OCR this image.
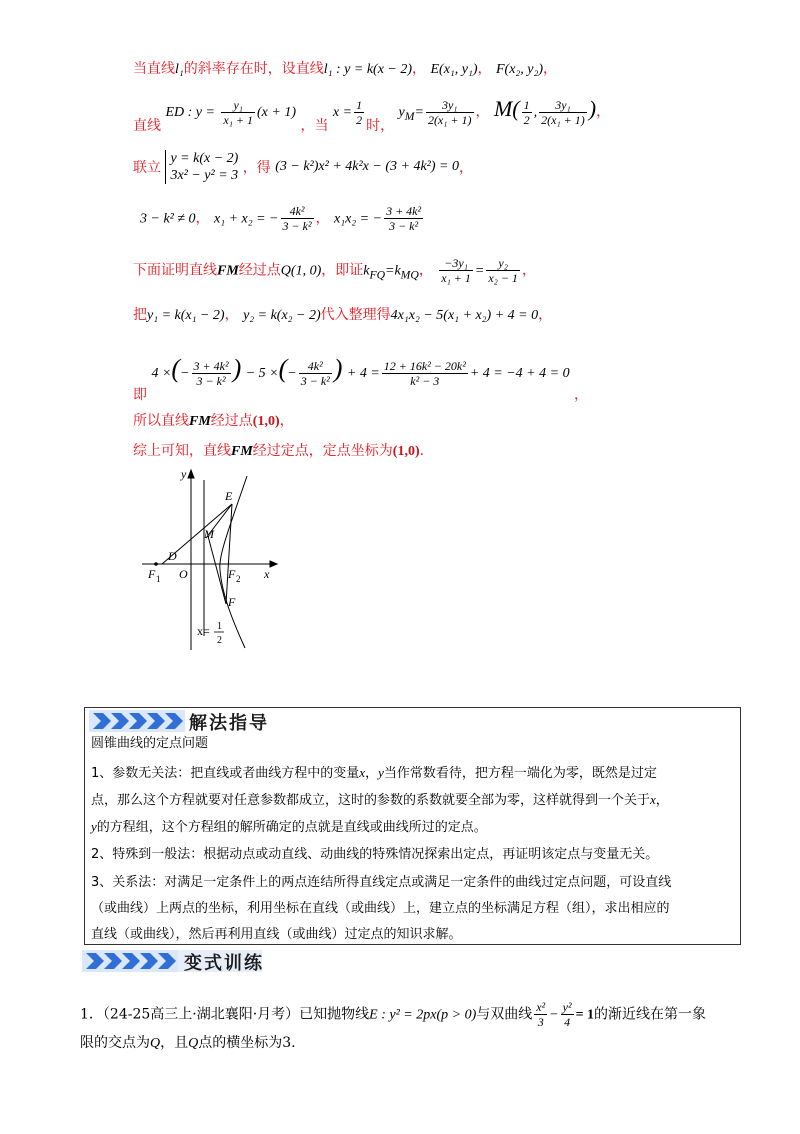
当直线l₁的斜率存在时，设直线l₁ : y = k(x − 2)， E(x₁, y₁)， F(x₂, y₂)，
直线 ED : $y = \frac{\text{y₁}}{\text{x₁ + 1}} (x + 1)$ ，当 $x = \frac{1}{2}$ 时， $y_M= \frac{\text{3y₁}}{\text{2(x₁ + 1)}}$ ， $M( \frac{1}{2}$ , $\frac{\text{3y₁}}{\text{2(x₁ + 1)}}$ )，
联立
y = k(x − 2)
3x² − y² = 3 ，得 (3 − k²)x² + 4k²x − (3 + 4k²) = 0，
3 − k² ≠ 0， x₁ + x₂ = − $\frac{\text{4k²}}{\text{3 − k²}}$ ， x₁x₂ = − $\frac{\text{3 + 4k²}}{\text{3 − k²}}$
下面证明直线FM经过点Q(1, 0)，即证$k_{FQ}=k_{MQ}$， $\frac{\text{−3y₁}}{\text{x₁ + 1}} = \frac{\text{y₂}}{\text{x₂ − 1}}$ ，
把y₁ = k(x₁ − 2)， y₂ = k(x₂ − 2)代入整理得4x₁x₂ − 5(x₁ + x₂) + 4 = 0，
即 4 ×(− $\frac{\text{3 + 4k²}}{\text{3 − k²}}$ ) − 5 ×(− $\frac{\text{4k²}}{\text{3 − k²}}$ ) + $4 = \frac{\text{12 + 16k² − 20k²}}{\text{k² − 3}} + 4 = -4 + 4 = 0$ ，
所以直线FM经过点(1,0)，
综上可知，直线FM经过定点，定点坐标为(1,0).
y
x
E
M
D
O
F 1	F 2
F
x= 1
2
解法指导

圆锥曲线的定点问题

1、参数无关法：把直线或者曲线方程中的变量x，y当作常数看待，把方程一端化为零，既然是过定
点，那么这个方程就要对任意参数都成立，这时的参数的系数就要全部为零，这样就得到一个关于x，
y的方程组，这个方程组的解所确定的点就是直线或曲线所过的定点。

2、特殊到一般法：根据动点或动直线、动曲线的特殊情况探索出定点，再证明该定点与变量无关。

3、关系法：对满足一定条件上的两点连结所得直线定点或满足一定条件的曲线过定点问题，可设直线
（或曲线）上两点的坐标，利用坐标在直线（或曲线）上，建立点的坐标满足方程（组），求出相应的
直线（或曲线），然后再利用直线（或曲线）过定点的知识求解。

变式训练
1．（24-25高三上·湖北襄阳·月考）已知抛物线E : y² = 2px(p > 0)与双曲线 $\frac{\text{x²}}{3} - \frac{\text{y²}}{4} = 1$的渐近线在第一象
限的交点为Q，且Q点的横坐标为3.
